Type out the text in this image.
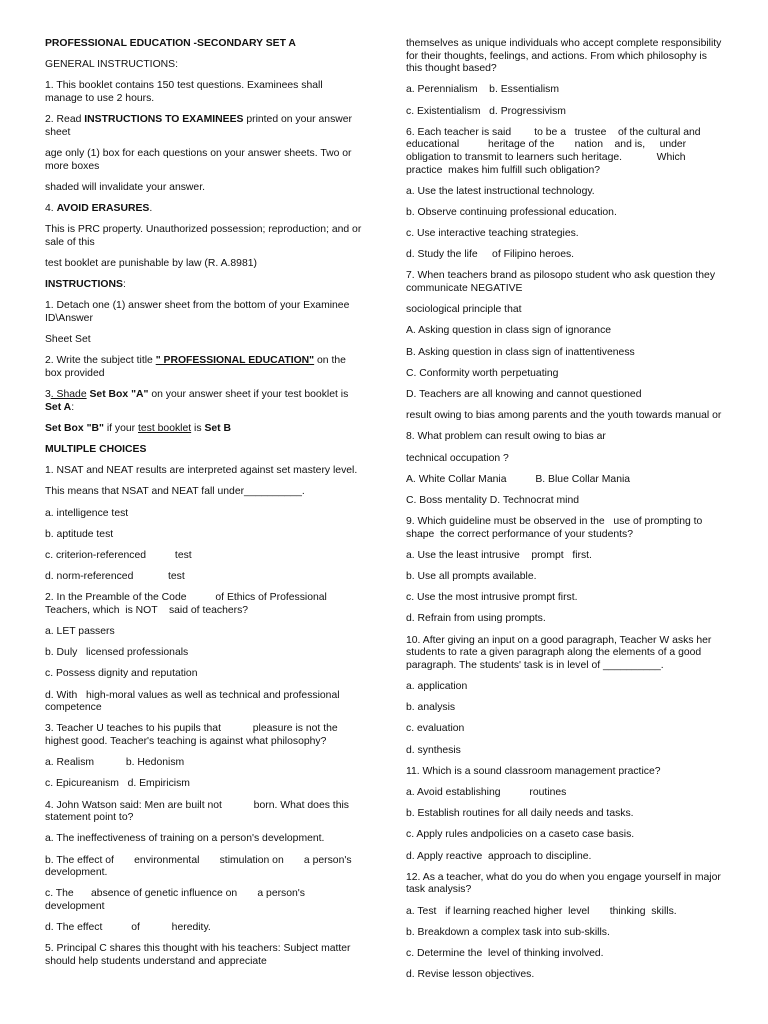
PROFESSIONAL EDUCATION -SECONDARY SET A

GENERAL INSTRUCTIONS:

1. This booklet contains 150 test questions. Examinees shall manage to use 2 hours.

2. Read INSTRUCTIONS TO EXAMINEES printed on your answer sheet

age only (1) box for each questions on your answer sheets. Two or more boxes

shaded will invalidate your answer.

4. AVOID ERASURES.

This is PRC property. Unauthorized possession; reproduction; and or sale of this

test booklet are punishable by law (R. A.8981)

INSTRUCTIONS:

1. Detach one (1) answer sheet from the bottom of your Examinee ID\Answer

Sheet Set

2. Write the subject title " PROFESSIONAL EDUCATION" on the box provided

3. Shade Set Box "A" on your answer sheet if your test booklet is Set A:

Set Box "B" if your test booklet is Set B

MULTIPLE CHOICES

1. NSAT and NEAT results are interpreted against set mastery level.

This means that NSAT and NEAT fall under__________.

a. intelligence test

b. aptitude test

c. criterion-referenced          test

d. norm-referenced            test

2. In the Preamble of the Code          of Ethics of Professional Teachers, which  is NOT    said of teachers?

a. LET passers

b. Duly   licensed professionals

c. Possess dignity and reputation

d. With   high-moral values as well as technical and professional competence

3. Teacher U teaches to his pupils that           pleasure is not the highest good. Teacher's teaching is against what philosophy?

a. Realism           b. Hedonism

c. Epicureanism   d. Empiricism

4. John Watson said: Men are built not           born. What does this statement point to?

a. The ineffectiveness of training on a person's development.

b. The effect of       environmental       stimulation on       a person's development.

c. The      absence of genetic influence on       a person's development

d. The effect          of           heredity.

5. Principal C shares this thought with his teachers: Subject matter should help students understand and appreciate

themselves as unique individuals who accept complete responsibility for their thoughts, feelings, and actions. From which philosophy is this thought based?

a. Perennialism    b. Essentialism

c. Existentialism   d. Progressivism

6. Each teacher is said        to be a   trustee    of the cultural and educational          heritage of the       nation    and is,     under obligation to transmit to learners such heritage.            Which practice  makes him fulfill such obligation?

a. Use the latest instructional technology.

b. Observe continuing professional education.

c. Use interactive teaching strategies.

d. Study the life     of Filipino heroes.

7. When teachers brand as pilosopo student who ask question they communicate NEGATIVE

sociological principle that

A. Asking question in class sign of ignorance

B. Asking question in class sign of inattentiveness

C. Conformity worth perpetuating

D. Teachers are all knowing and cannot questioned

result owing to bias among parents and the youth towards manual or

8. What problem can result owing to bias ar

technical occupation ?

A. White Collar Mania          B. Blue Collar Mania

C. Boss mentality D. Technocrat mind

9. Which guideline must be observed in the   use of prompting to shape  the correct performance of your students?

a. Use the least intrusive    prompt   first.

b. Use all prompts available.

c. Use the most intrusive prompt first.

d. Refrain from using prompts.

10. After giving an input on a good paragraph, Teacher W asks her students to rate a given paragraph along the elements of a good paragraph. The students' task is in level of __________.

a. application

b. analysis

c. evaluation

d. synthesis

11. Which is a sound classroom management practice?

a. Avoid establishing          routines

b. Establish routines for all daily needs and tasks.

c. Apply rules andpolicies on a caseto case basis.

d. Apply reactive  approach to discipline.

12. As a teacher, what do you do when you engage yourself in major task analysis?

a. Test   if learning reached higher  level       thinking  skills.

b. Breakdown a complex task into sub-skills.

c. Determine the  level of thinking involved.

d. Revise lesson objectives.
